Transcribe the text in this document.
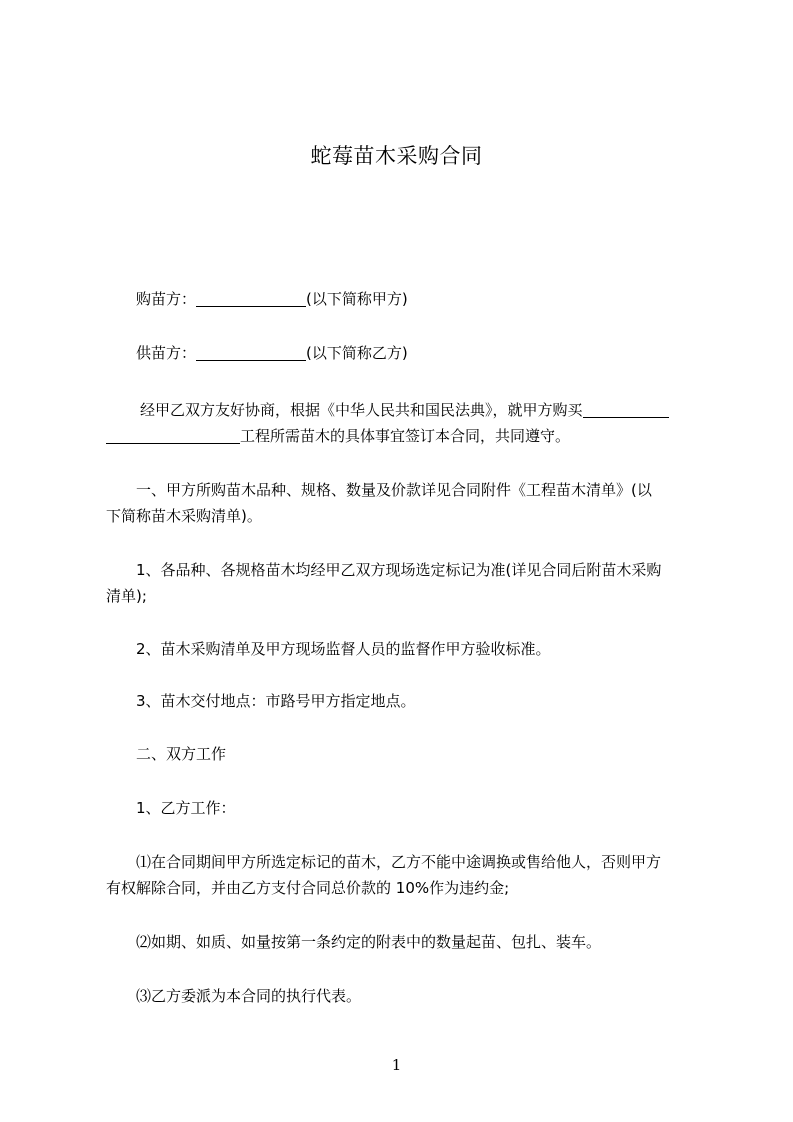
蛇莓苗木采购合同
购苗方：	(以下简称甲方)
供苗方：	(以下简称乙方)
经甲乙双方友好协商，根据《中华人民共和国民法典》，就甲方购买
工程所需苗木的具体事宜签订本合同，共同遵守。
一、甲方所购苗木品种、规格、数量及价款详见合同附件《工程苗木清单》(以
下简称苗木采购清单)。
1、各品种、各规格苗木均经甲乙双方现场选定标记为准(详见合同后附苗木采购
清单);
2、苗木采购清单及甲方现场监督人员的监督作甲方验收标准。
3、苗木交付地点：市路号甲方指定地点。
二、双方工作
1、乙方工作：
⑴在合同期间甲方所选定标记的苗木，乙方不能中途调换或售给他人，否则甲方
有权解除合同，并由乙方支付合同总价款的 10%作为违约金;
⑵如期、如质、如量按第一条约定的附表中的数量起苗、包扎、装车。
⑶乙方委派为本合同的执行代表。
1
